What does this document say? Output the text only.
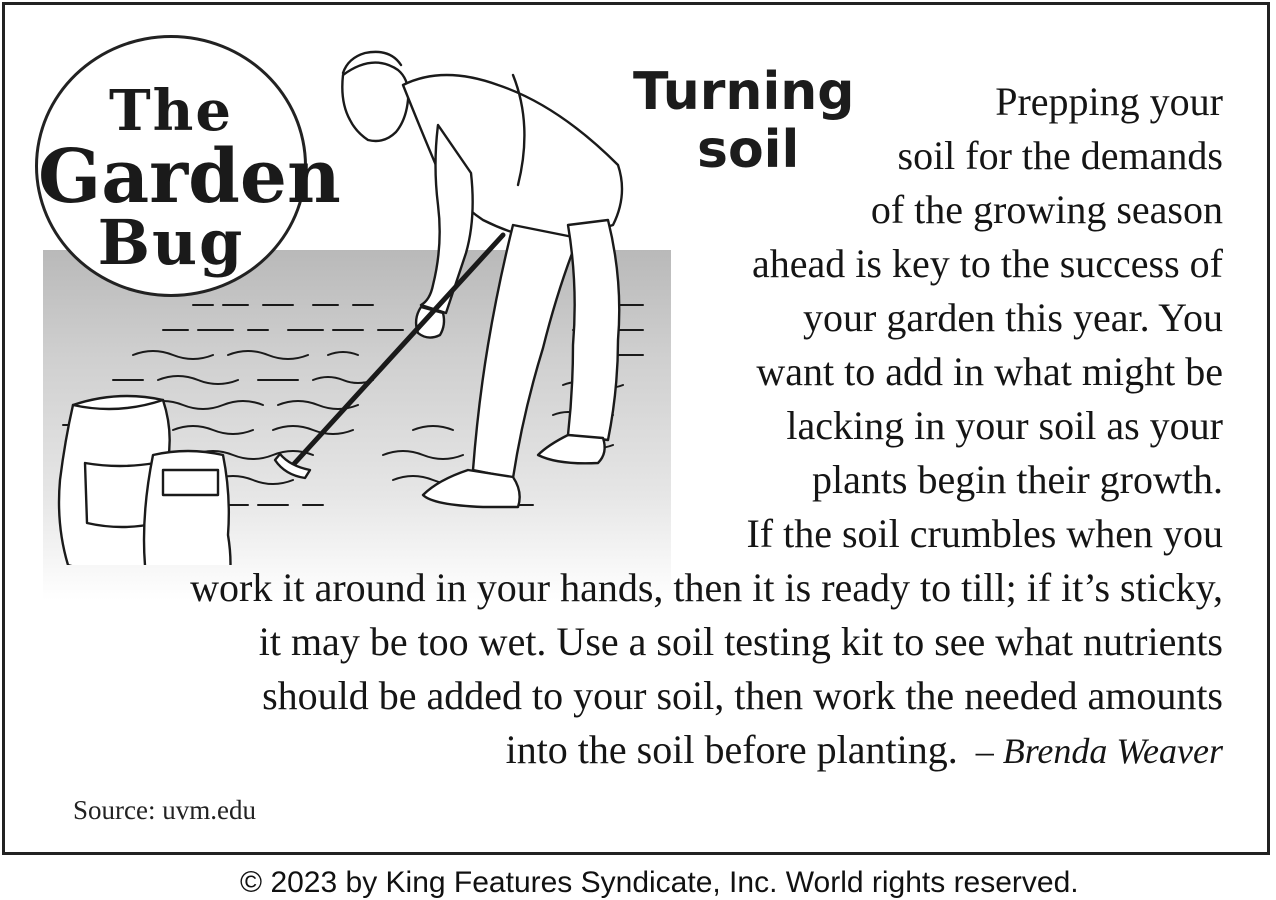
The
Garden
Bug
Turning
soil
Prepping your
soil for the demands
of the growing season
ahead is key to the success of
your garden this year. You
want to add in what might be
lacking in your soil as your
plants begin their growth.
If the soil crumbles when you
work it around in your hands, then it is ready to till; if it’s sticky,
it may be too wet. Use a soil testing kit to see what nutrients
should be added to your soil, then work the needed amounts
into the soil before planting. – Brenda Weaver
Source: uvm.edu
© 2023 by King Features Syndicate, Inc. World rights reserved.
